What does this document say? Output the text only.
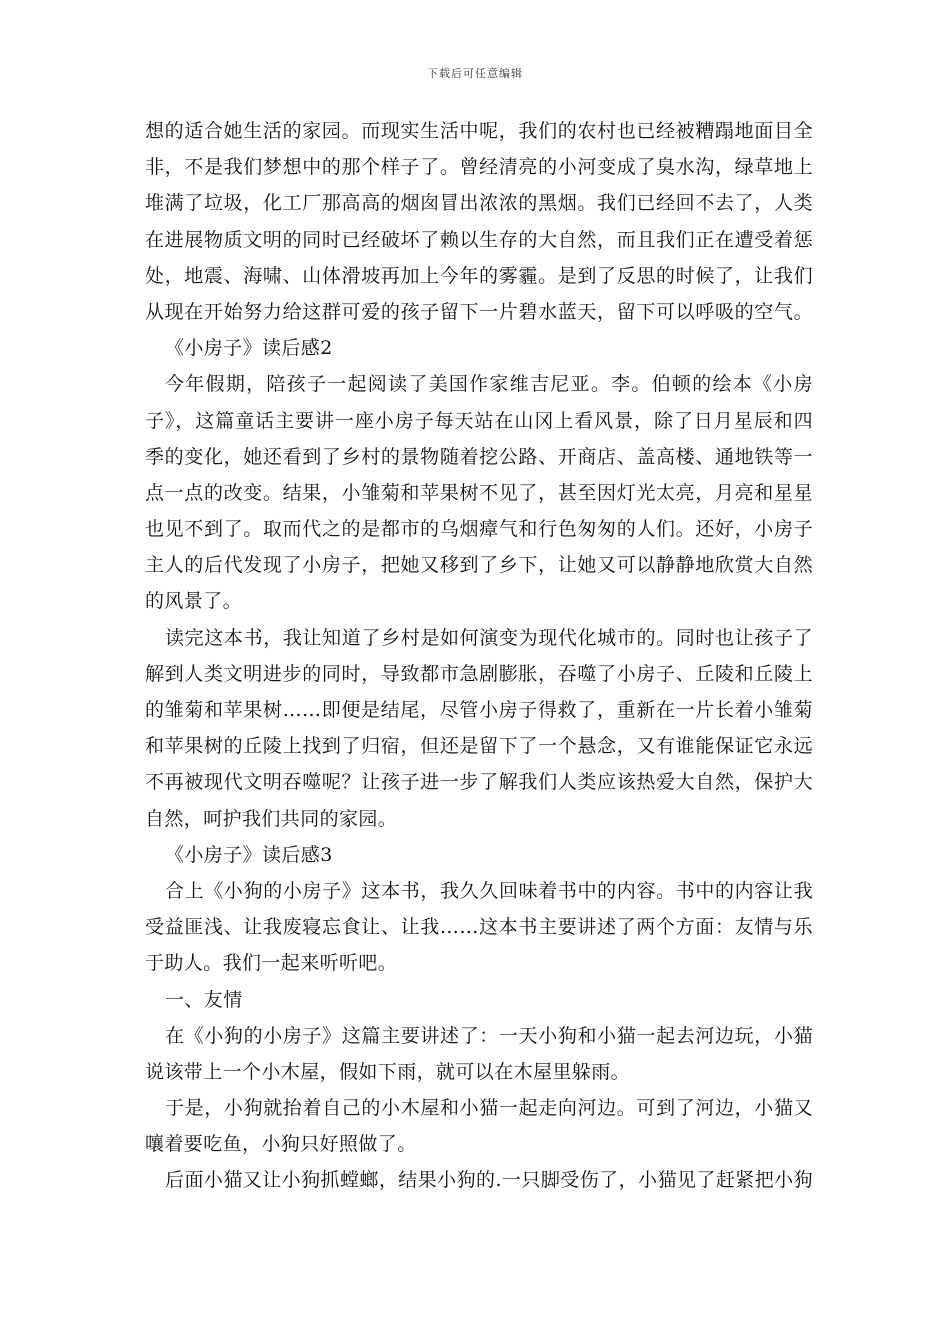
下载后可任意编辑
想的适合她生活的家园。而现实生活中呢，我们的农村也已经被糟蹋地面目全
非，不是我们梦想中的那个样子了。曾经清亮的小河变成了臭水沟，绿草地上
堆满了垃圾，化工厂那高高的烟囱冒出浓浓的黑烟。我们已经回不去了，人类
在进展物质文明的同时已经破坏了赖以生存的大自然，而且我们正在遭受着惩
处，地震、海啸、山体滑坡再加上今年的雾霾。是到了反思的时候了，让我们
从现在开始努力给这群可爱的孩子留下一片碧水蓝天，留下可以呼吸的空气。
《小房子》读后感2
今年假期，陪孩子一起阅读了美国作家维吉尼亚。李。伯顿的绘本《小房
子》，这篇童话主要讲一座小房子每天站在山冈上看风景，除了日月星辰和四
季的变化，她还看到了乡村的景物随着挖公路、开商店、盖高楼、通地铁等一
点一点的改变。结果，小雏菊和苹果树不见了，甚至因灯光太亮，月亮和星星
也见不到了。取而代之的是都市的乌烟瘴气和行色匆匆的人们。还好，小房子
主人的后代发现了小房子，把她又移到了乡下，让她又可以静静地欣赏大自然
的风景了。
读完这本书，我让知道了乡村是如何演变为现代化城市的。同时也让孩子了
解到人类文明进步的同时，导致都市急剧膨胀，吞噬了小房子、丘陵和丘陵上
的雏菊和苹果树……即便是结尾，尽管小房子得救了，重新在一片长着小雏菊
和苹果树的丘陵上找到了归宿，但还是留下了一个悬念，又有谁能保证它永远
不再被现代文明吞噬呢？让孩子进一步了解我们人类应该热爱大自然，保护大
自然，呵护我们共同的家园。
《小房子》读后感3
合上《小狗的小房子》这本书，我久久回味着书中的内容。书中的内容让我
受益匪浅、让我废寝忘食让、让我……这本书主要讲述了两个方面：友情与乐
于助人。我们一起来听听吧。
一、友情
在《小狗的小房子》这篇主要讲述了：一天小狗和小猫一起去河边玩，小猫
说该带上一个小木屋，假如下雨，就可以在木屋里躲雨。
于是，小狗就抬着自己的小木屋和小猫一起走向河边。可到了河边，小猫又
嚷着要吃鱼，小狗只好照做了。
后面小猫又让小狗抓螳螂，结果小狗的.一只脚受伤了，小猫见了赶紧把小狗
